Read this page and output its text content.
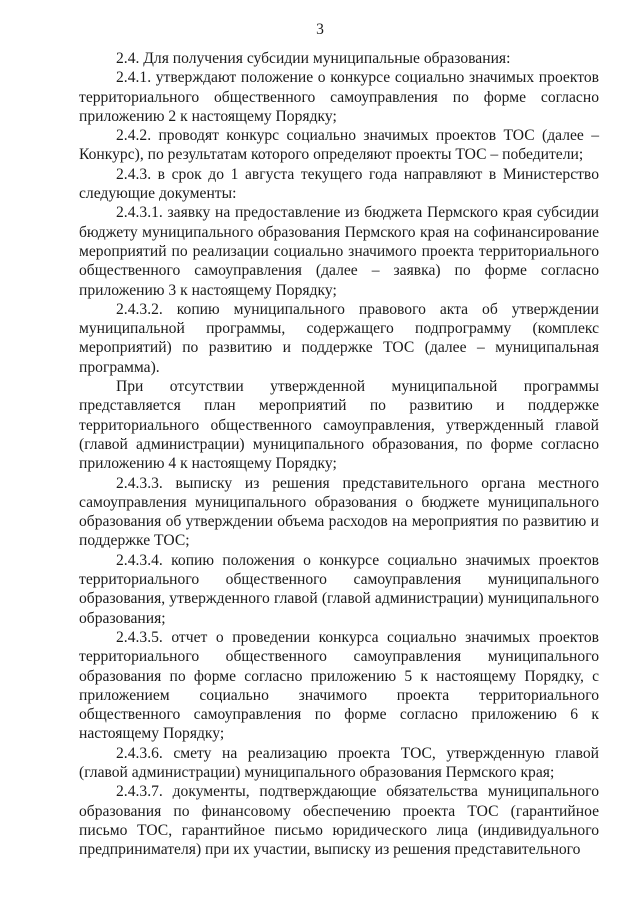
3

2.4. Для получения субсидии муниципальные образования:

2.4.1. утверждают положение о конкурсе социально значимых проектов территориального общественного самоуправления по форме согласно приложению 2 к настоящему Порядку;

2.4.2. проводят конкурс социально значимых проектов ТОС (далее – Конкурс), по результатам которого определяют проекты ТОС – победители;

2.4.3. в срок до 1 августа текущего года направляют в Министерство следующие документы:

2.4.3.1. заявку на предоставление из бюджета Пермского края субсидии бюджету муниципального образования Пермского края на софинансирование мероприятий по реализации социально значимого проекта территориального общественного самоуправления (далее – заявка) по форме согласно приложению 3 к настоящему Порядку;

2.4.3.2. копию муниципального правового акта об утверждении муниципальной программы, содержащего подпрограмму (комплекс мероприятий) по развитию и поддержке ТОС (далее – муниципальная программа).

При отсутствии утвержденной муниципальной программы представляется план мероприятий по развитию и поддержке территориального общественного самоуправления, утвержденный главой (главой администрации) муниципального образования, по форме согласно приложению 4 к настоящему Порядку;

2.4.3.3. выписку из решения представительного органа местного самоуправления муниципального образования о бюджете муниципального образования об утверждении объема расходов на мероприятия по развитию и поддержке ТОС;

2.4.3.4. копию положения о конкурсе социально значимых проектов территориального общественного самоуправления муниципального образования, утвержденного главой (главой администрации) муниципального образования;

2.4.3.5. отчет о проведении конкурса социально значимых проектов территориального общественного самоуправления муниципального образования по форме согласно приложению 5 к настоящему Порядку, с приложением социально значимого проекта территориального общественного самоуправления по форме согласно приложению 6 к настоящему Порядку;

2.4.3.6. смету на реализацию проекта ТОС, утвержденную главой (главой администрации) муниципального образования Пермского края;

2.4.3.7. документы, подтверждающие обязательства муниципального образования по финансовому обеспечению проекта ТОС (гарантийное письмо ТОС, гарантийное письмо юридического лица (индивидуального предпринимателя) при их участии, выписку из решения представительного
